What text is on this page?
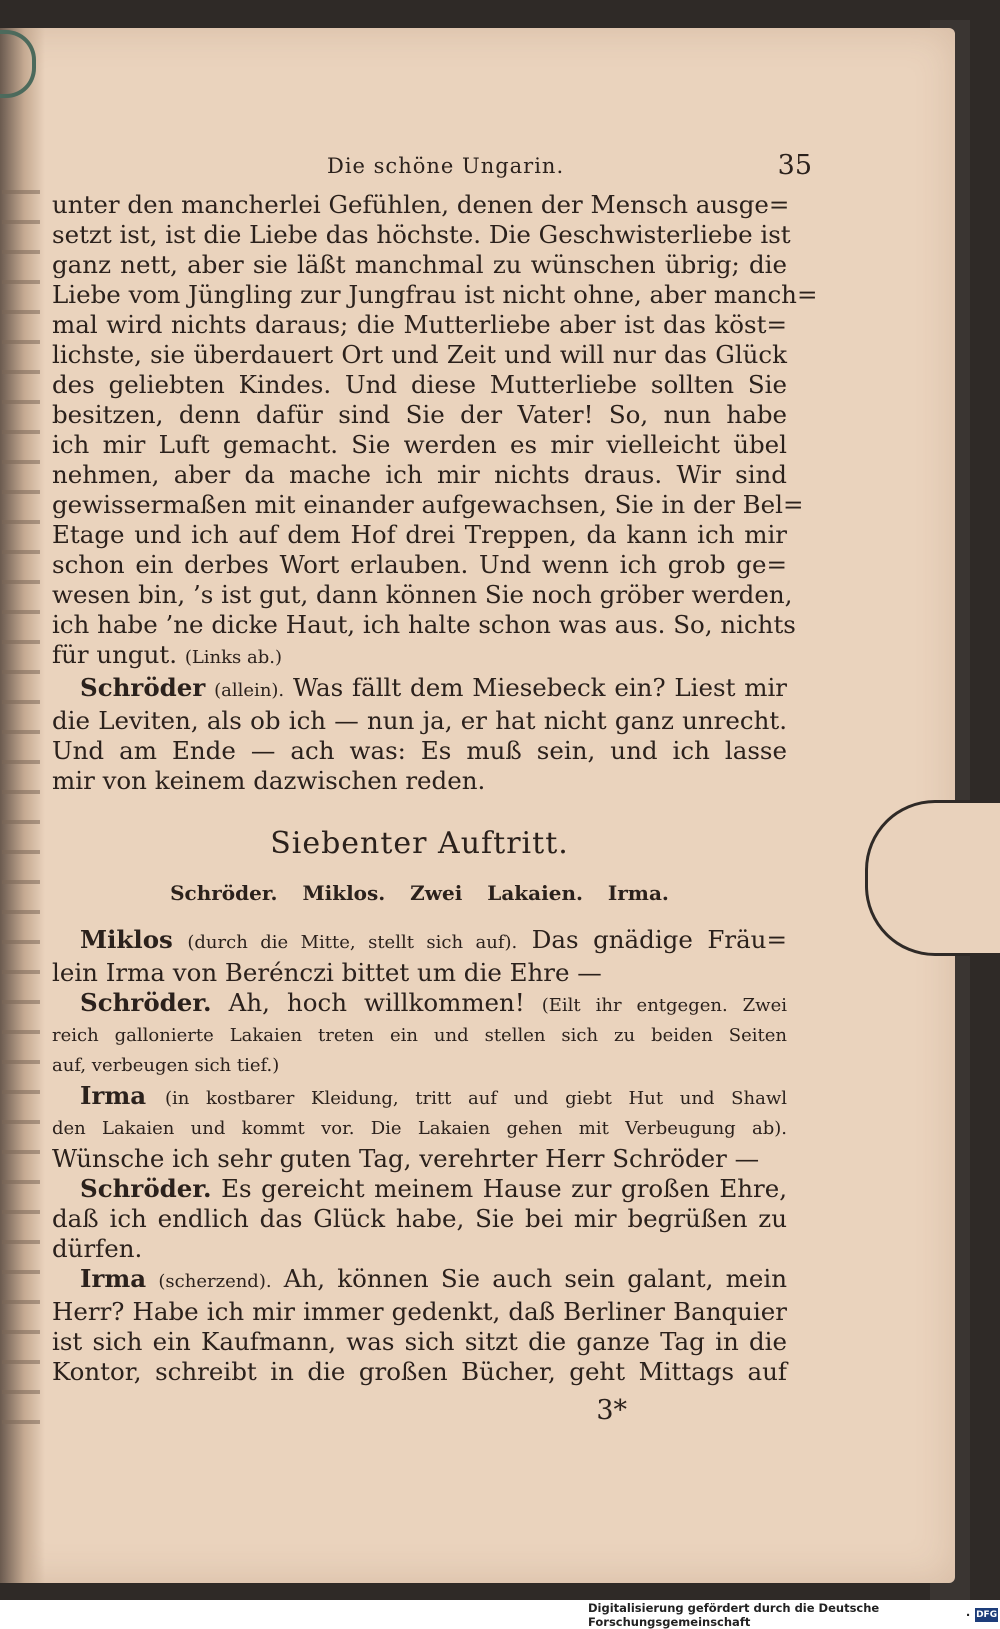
Die schöne Ungarin.	35
unter den mancherlei Gefühlen, denen der Mensch ausge=
setzt ist, ist die Liebe das höchste. Die Geschwisterliebe ist
ganz nett, aber sie läßt manchmal zu wünschen übrig; die
Liebe vom Jüngling zur Jungfrau ist nicht ohne, aber manch=
mal wird nichts daraus; die Mutterliebe aber ist das köst=
lichste, sie überdauert Ort und Zeit und will nur das Glück
des geliebten Kindes. Und diese Mutterliebe sollten Sie
besitzen, denn dafür sind Sie der Vater! So, nun habe
ich mir Luft gemacht. Sie werden es mir vielleicht übel
nehmen, aber da mache ich mir nichts draus. Wir sind
gewissermaßen mit einander aufgewachsen, Sie in der Bel=
Etage und ich auf dem Hof drei Treppen, da kann ich mir
schon ein derbes Wort erlauben. Und wenn ich grob ge=
wesen bin, ’s ist gut, dann können Sie noch gröber werden,
ich habe ’ne dicke Haut, ich halte schon was aus. So, nichts
für ungut. (Links ab.)
Schröder (allein). Was fällt dem Miesebeck ein? Liest mir
die Leviten, als ob ich — nun ja, er hat nicht ganz unrecht.
Und am Ende — ach was: Es muß sein, und ich lasse
mir von keinem dazwischen reden.
Siebenter Auftritt.
Schröder. Miklos. Zwei Lakaien. Irma.
Miklos (durch die Mitte, stellt sich auf). Das gnädige Fräu=
lein Irma von Berénczi bittet um die Ehre —
Schröder. Ah, hoch willkommen! (Eilt ihr entgegen. Zwei
reich gallonierte Lakaien treten ein und stellen sich zu beiden Seiten
auf, verbeugen sich tief.)
Irma (in kostbarer Kleidung, tritt auf und giebt Hut und Shawl
den Lakaien und kommt vor. Die Lakaien gehen mit Verbeugung ab).
Wünsche ich sehr guten Tag, verehrter Herr Schröder —
Schröder. Es gereicht meinem Hause zur großen Ehre,
daß ich endlich das Glück habe, Sie bei mir begrüßen zu
dürfen.
Irma (scherzend). Ah, können Sie auch sein galant, mein
Herr? Habe ich mir immer gedenkt, daß Berliner Banquier
ist sich ein Kaufmann, was sich sitzt die ganze Tag in die
Kontor, schreibt in die großen Bücher, geht Mittags auf
3*
Digitalisierung gefördert durch die Deutsche Forschungsgemeinschaft	· DFG
